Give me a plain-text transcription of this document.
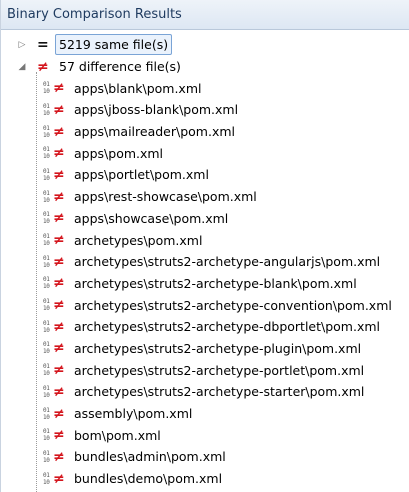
Binary Comparison Results
▷ = 5219 same file(s)
◢ ≠ 57 difference file(s)
01
10 ≠ apps\blank\pom.xml
01
10 ≠ apps\jboss-blank\pom.xml
01
10 ≠ apps\mailreader\pom.xml
01
10 ≠ apps\pom.xml
01
10 ≠ apps\portlet\pom.xml
01
10 ≠ apps\rest-showcase\pom.xml
01
10 ≠ apps\showcase\pom.xml
01
10 ≠ archetypes\pom.xml
01
10 ≠ archetypes\struts2-archetype-angularjs\pom.xml
01
10 ≠ archetypes\struts2-archetype-blank\pom.xml
01
10 ≠ archetypes\struts2-archetype-convention\pom.xml
01
10 ≠ archetypes\struts2-archetype-dbportlet\pom.xml
01
10 ≠ archetypes\struts2-archetype-plugin\pom.xml
01
10 ≠ archetypes\struts2-archetype-portlet\pom.xml
01
10 ≠ archetypes\struts2-archetype-starter\pom.xml
01
10 ≠ assembly\pom.xml
01
10 ≠ bom\pom.xml
01
10 ≠ bundles\admin\pom.xml
01
10 ≠ bundles\demo\pom.xml
